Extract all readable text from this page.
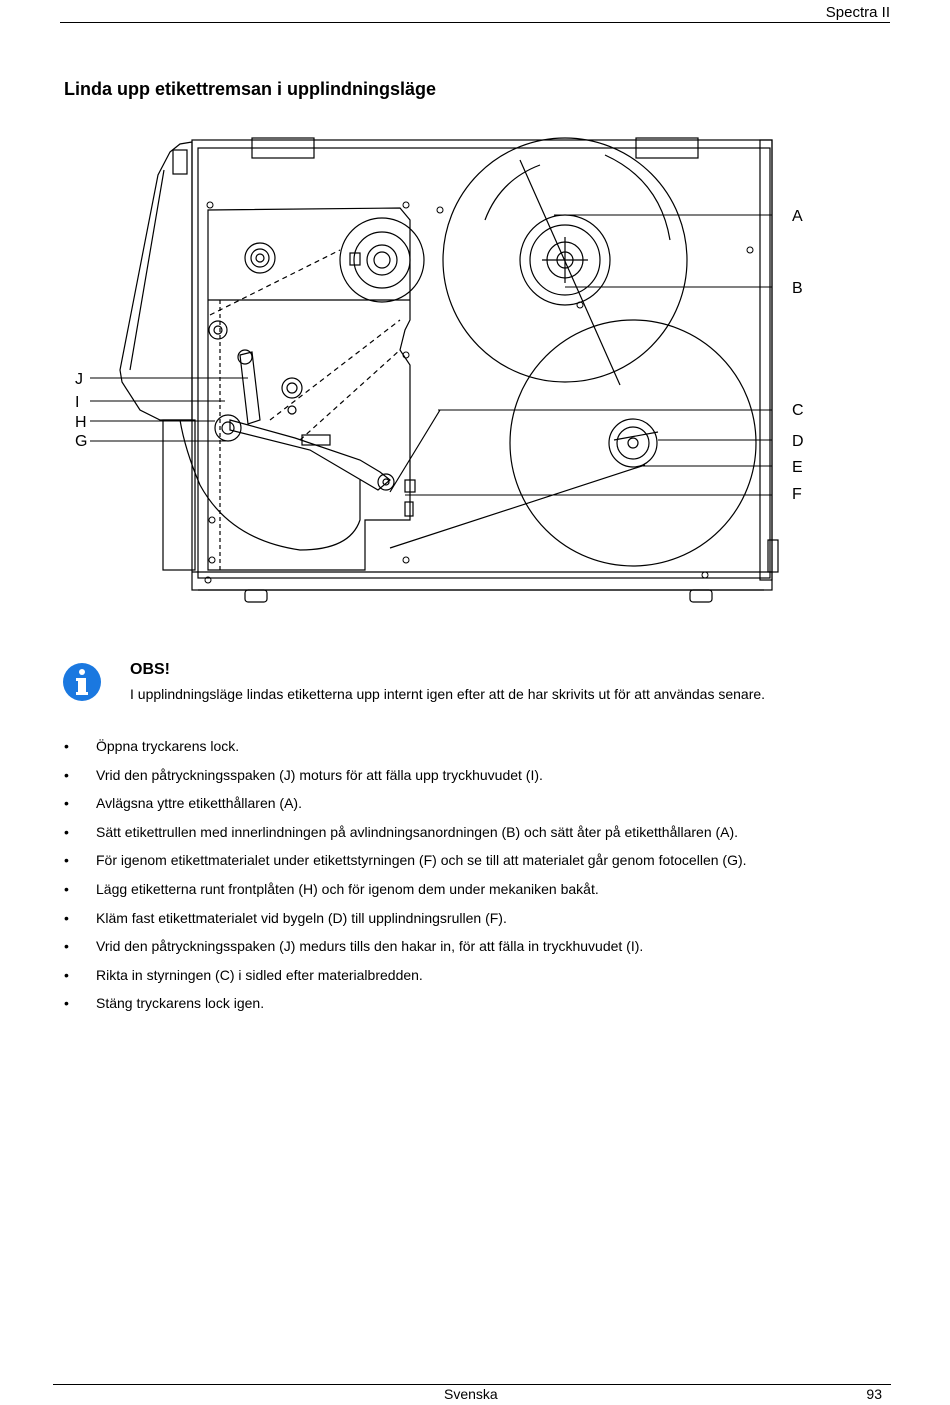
Spectra II
Linda upp etikettremsan i upplindningsläge
A
B
C
D
E
F
J
I
H
G
OBS!
I upplindningsläge lindas etiketterna upp internt igen efter att de har skrivits ut för att användas senare.
•	Öppna tryckarens lock.
•	Vrid den påtryckningsspaken (J) moturs för att fälla upp tryckhuvudet (I).
•	Avlägsna yttre etiketthållaren (A).
•	Sätt etikettrullen med innerlindningen på avlindningsanordningen (B) och sätt åter på etiketthållaren (A).
•	För igenom etikettmaterialet under etikettstyrningen (F) och se till att materialet går genom fotocellen (G).
•	Lägg etiketterna runt frontplåten (H) och för igenom dem under mekaniken bakåt.
•	Kläm fast etikettmaterialet vid bygeln (D) till upplindningsrullen (F).
•	Vrid den påtryckningsspaken (J) medurs tills den hakar in, för att fälla in tryckhuvudet (I).
•	Rikta in styrningen (C) i sidled efter materialbredden.
•	Stäng tryckarens lock igen.
Svenska	93
